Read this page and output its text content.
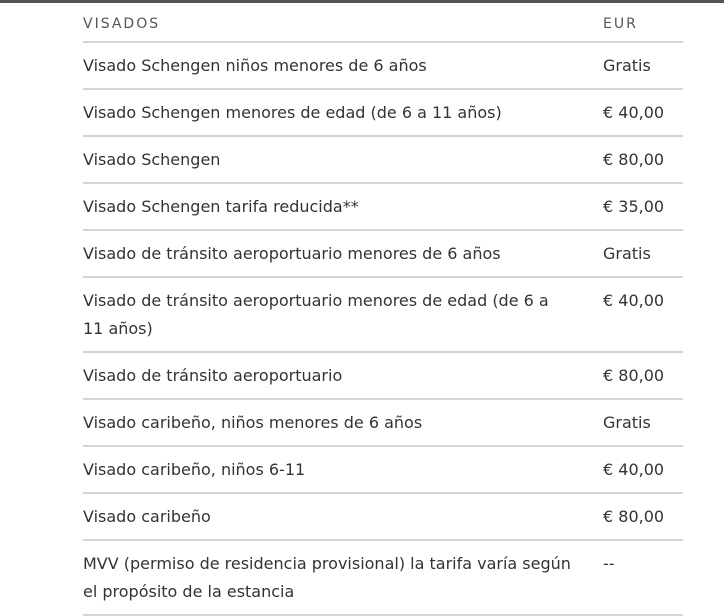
VISADOS	EUR
Visado Schengen niños menores de 6 años	Gratis
Visado Schengen menores de edad (de 6 a 11 años)	€ 40,00
Visado Schengen	€ 80,00
Visado Schengen tarifa reducida**	€ 35,00
Visado de tránsito aeroportuario menores de 6 años	Gratis
Visado de tránsito aeroportuario menores de edad (de 6 a 11 años)	€ 40,00
Visado de tránsito aeroportuario	€ 80,00
Visado caribeño, niños menores de 6 años	Gratis
Visado caribeño, niños 6-11	€ 40,00
Visado caribeño	€ 80,00
MVV (permiso de residencia provisional) la tarifa varía según el propósito de la estancia	--
